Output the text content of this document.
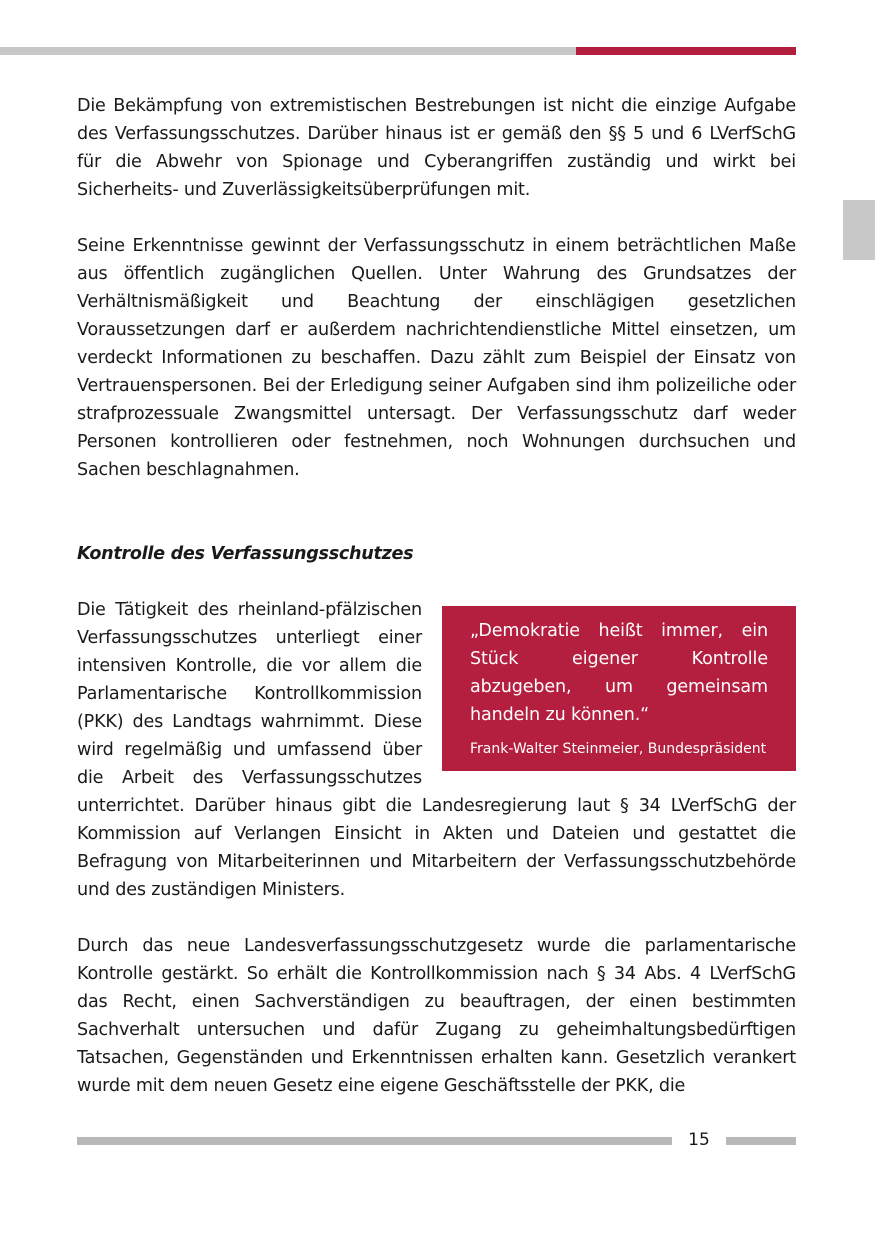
Die Bekämpfung von extremistischen Bestrebungen ist nicht die einzige Aufgabe des Verfassungsschutzes. Darüber hinaus ist er gemäß den §§ 5 und 6 LVerfSchG für die Abwehr von Spionage und Cyberangriffen zuständig und wirkt bei Sicherheits- und Zuverlässigkeitsüberprüfungen mit.

Seine Erkenntnisse gewinnt der Verfassungsschutz in einem beträchtlichen Maße aus öffentlich zugänglichen Quellen. Unter Wahrung des Grundsatzes der Verhältnismäßigkeit und Beachtung der einschlägigen gesetzlichen Voraussetzungen darf er außerdem nachrichtendienstliche Mittel einsetzen, um verdeckt Informationen zu beschaffen. Dazu zählt zum Beispiel der Einsatz von Vertrauenspersonen. Bei der Erledigung seiner Aufgaben sind ihm polizeiliche oder strafprozessuale Zwangsmittel untersagt. Der Verfassungsschutz darf weder Personen kontrollieren oder festnehmen, noch Wohnungen durchsuchen und Sachen beschlagnahmen.

Kontrolle des Verfassungsschutzes
„Demokratie heißt immer, ein Stück eigener Kontrolle abzugeben, um gemeinsam handeln zu können.“
Frank-Walter Steinmeier, Bundespräsident

Die Tätigkeit des rheinland-pfälzischen Verfassungsschutzes unterliegt einer intensiven Kontrolle, die vor allem die Parlamentarische Kontrollkommission (PKK) des Landtags wahrnimmt. Diese wird regelmäßig und umfassend über die Arbeit des Verfassungsschutzes unterrichtet. Darüber hinaus gibt die Landesregierung laut § 34 LVerfSchG der Kommission auf Verlangen Einsicht in Akten und Dateien und gestattet die Befragung von Mitarbeiterinnen und Mitarbeitern der Verfassungsschutzbehörde und des zuständigen Ministers.

Durch das neue Landesverfassungsschutzgesetz wurde die parlamentarische Kontrolle gestärkt. So erhält die Kontrollkommission nach § 34 Abs. 4 LVerfSchG das Recht, einen Sachverständigen zu beauftragen, der einen bestimmten Sachverhalt untersuchen und dafür Zugang zu geheimhaltungsbedürftigen Tatsachen, Gegenständen und Erkenntnissen erhalten kann. Gesetzlich verankert wurde mit dem neuen Gesetz eine eigene Geschäftsstelle der PKK, die

15
